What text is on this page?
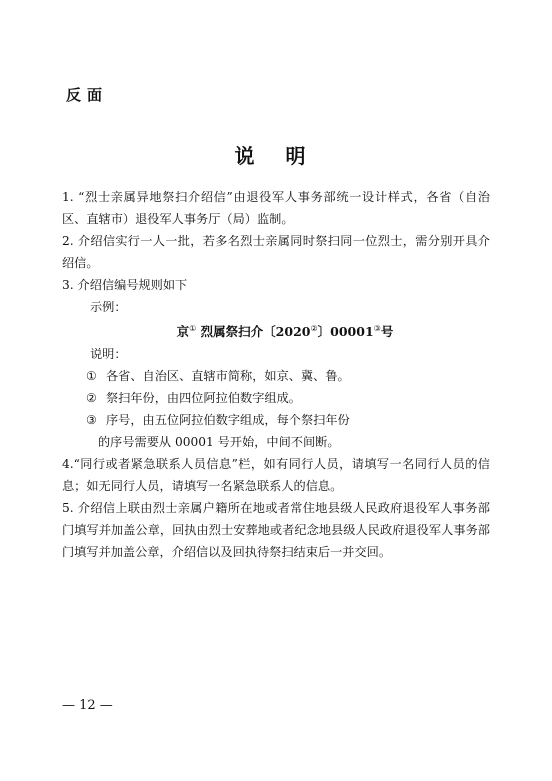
反面
说 明

1. “烈士亲属异地祭扫介绍信”由退役军人事务部统一设计样式，各省（自治区、直辖市）退役军人事务厅（局）监制。

2. 介绍信实行一人一批，若多名烈士亲属同时祭扫同一位烈士，需分别开具介绍信。

3. 介绍信编号规则如下

示例：

京① 烈属祭扫介〔2020②〕00001③号

说明：

① 各省、自治区、直辖市简称，如京、冀、鲁。

② 祭扫年份，由四位阿拉伯数字组成。

③ 序号，由五位阿拉伯数字组成，每个祭扫年份

的序号需要从 00001 号开始，中间不间断。

4.“同行或者紧急联系人员信息”栏，如有同行人员，请填写一名同行人员的信息；如无同行人员，请填写一名紧急联系人的信息。

5. 介绍信上联由烈士亲属户籍所在地或者常住地县级人民政府退役军人事务部门填写并加盖公章，回执由烈士安葬地或者纪念地县级人民政府退役军人事务部门填写并加盖公章，介绍信以及回执待祭扫结束后一并交回。

— 12 —
